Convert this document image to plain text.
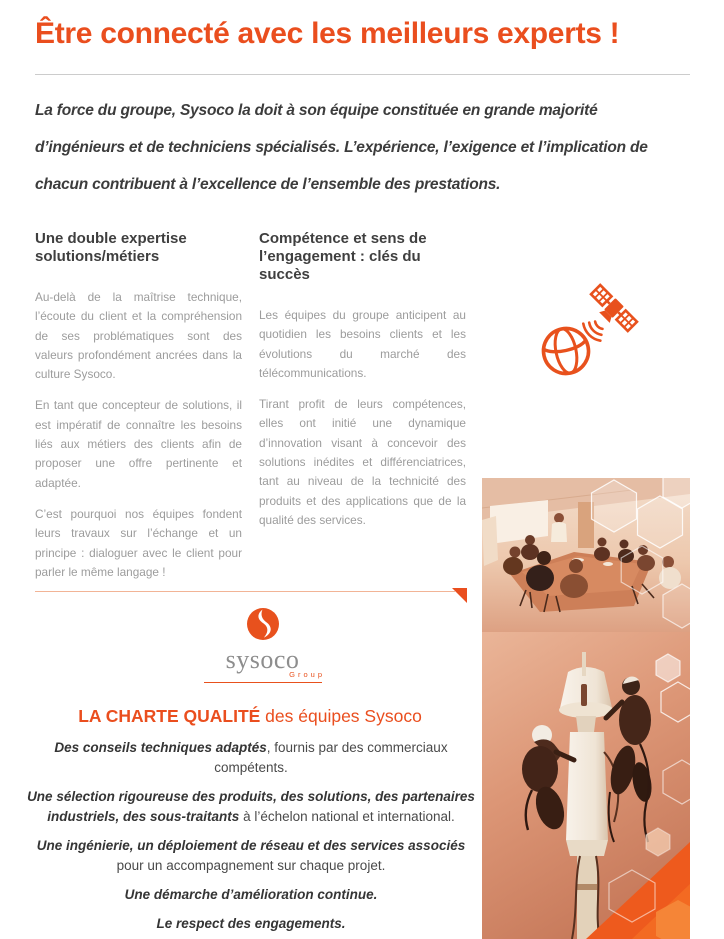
Être connecté avec les meilleurs experts !

La force du groupe, Sysoco la doit à son équipe constituée en grande majorité d’ingénieurs et de techniciens spécialisés. L’expérience, l’exigence et l’implication de chacun contribuent à l’excellence de l’ensemble des prestations.

Une double expertise solutions/métiers

Au-delà de la maîtrise technique, l’écoute du client et la compréhension de ses problématiques sont des valeurs profondément ancrées dans la culture Sysoco.

En tant que concepteur de solutions, il est impératif de connaître les besoins liés aux métiers des clients afin de proposer une offre pertinente et adaptée.

C’est pourquoi nos équipes fondent leurs travaux sur l’échange et un principe : dialoguer avec le client pour parler le même langage !

Compétence et sens de l’engagement : clés du succès

Les équipes du groupe anticipent au quotidien les besoins clients et les évolutions du marché des télécommunications.

Tirant profit de leurs compétences, elles ont initié une dynamique d’innovation visant à concevoir des solutions inédites et différenciatrices, tant au niveau de la technicité des produits et des applications que de la qualité des services.

sysoco
Group
LA CHARTE QUALITÉ des équipes Sysoco

Des conseils techniques adaptés, fournis par des commerciaux compétents.

Une sélection rigoureuse des produits, des solutions, des partenaires industriels, des sous-traitants à l’échelon national et international.

Une ingénierie, un déploiement de réseau et des services associés pour un accompagnement sur chaque projet.

Une démarche d’amélioration continue.

Le respect des engagements.
